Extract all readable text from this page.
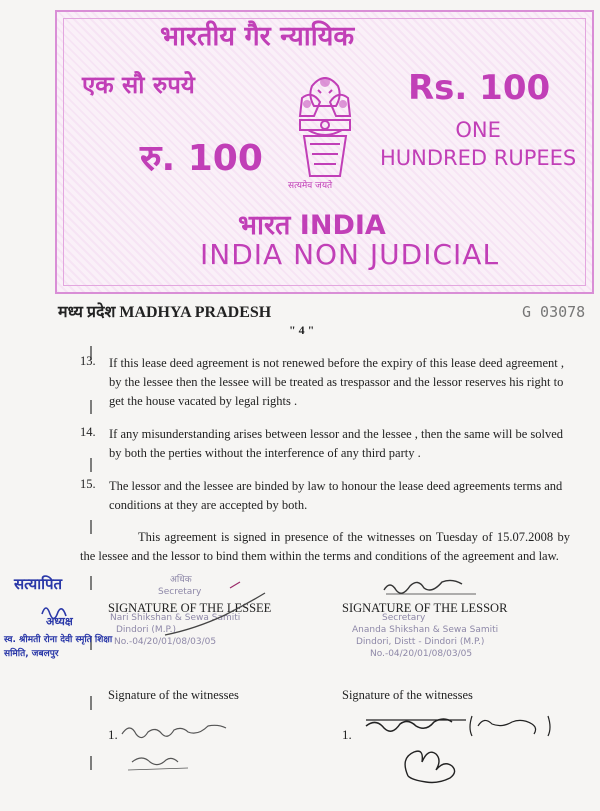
भारतीय गैर न्यायिक
एक सौ रुपये	Rs. 100
रु. 100
ONE
HUNDRED RUPEES
सत्यमेव जयते
भारत INDIA
INDIA NON JUDICIAL
मध्य प्रदेश MADHYA PRADESH	G 03078
" 4 "
13. If this lease deed agreement is not renewed before the expiry of this lease deed agreement , by the lessee then the lessee will be treated as trespassor and the lessor reserves his right to get the house vacated by legal rights .
14. If any misunderstanding arises between lessor and the lessee , then the same will be solved by both the perties without the interference of any third party .
15. The lessor and the lessee are binded by law to honour the lease deed agreements terms and conditions at they are accepted by both.
This agreement is signed in presence of the witnesses on Tuesday of 15.07.2008 by the lessee and the lessor to bind them within the terms and conditions of the agreement and law.
अधिक
Secretary
Nari Shikshan & Sewa Samiti
Dindori (M.P.)
No.-04/20/01/08/03/05
SIGNATURE OF THE LESSEE
Secretary
Ananda Shikshan & Sewa Samiti
Dindori, Distt - Dindori (M.P.)
No.-04/20/01/08/03/05
SIGNATURE OF THE LESSOR
सत्यापित
अध्यक्ष
स्व. श्रीमती रोना देवी स्मृति शिक्षा
समिति, जबलपुर
Signature of the witnesses	Signature of the witnesses
1.	1.
